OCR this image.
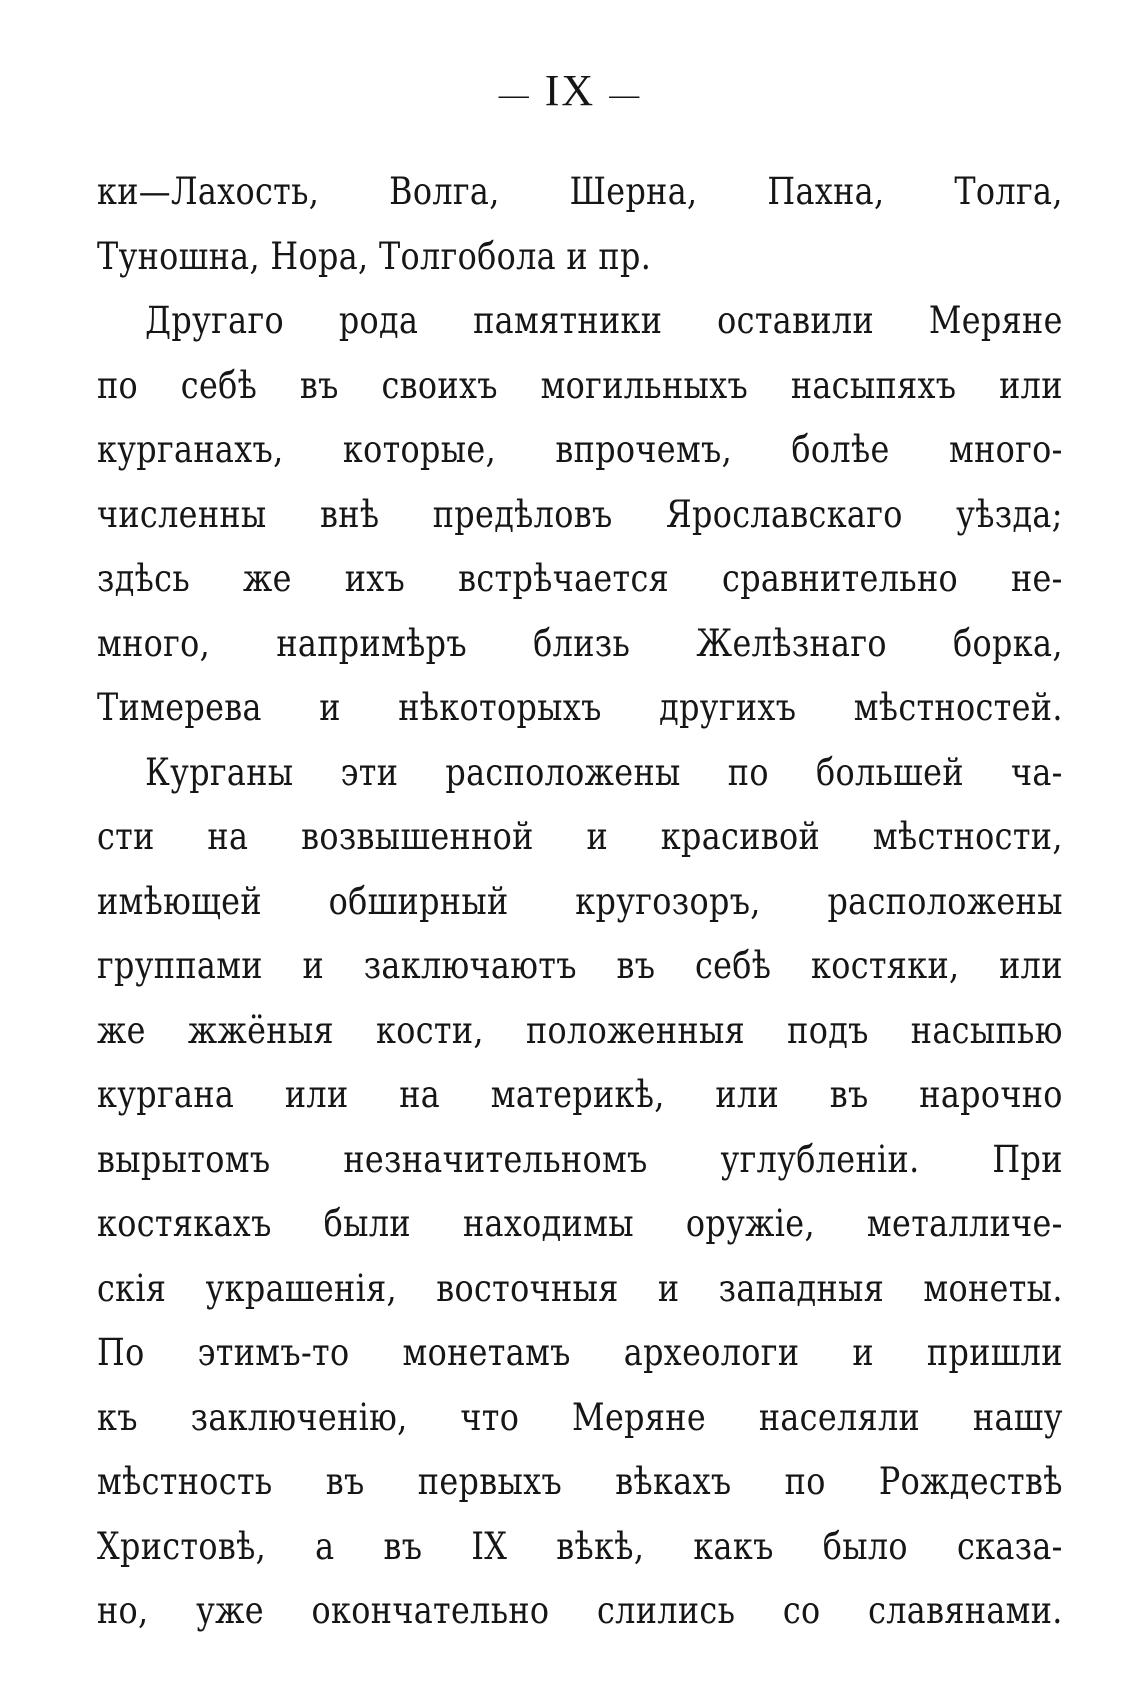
— IX —
ки—Лахость, Волга, Шерна, Пахна, Толга,
Туношна, Нора, Толгобола и пр.
Другаго рода памятники оставили Меряне
по себѣ въ своихъ могильныхъ насыпяхъ или
курганахъ, которые, впрочемъ, болѣе много-
численны внѣ предѣловъ Ярославскаго уѣзда;
здѣсь же ихъ встрѣчается сравнительно не-
много, напримѣръ близь Желѣзнаго борка,
Тимерева и нѣкоторыхъ другихъ мѣстностей.
Курганы эти расположены по большей ча-
сти на возвышенной и красивой мѣстности,
имѣющей обширный кругозоръ, расположены
группами и заключаютъ въ себѣ костяки, или
же жжёныя кости, положенныя подъ насыпью
кургана или на материкѣ, или въ нарочно
вырытомъ незначительномъ углубленіи. При
костякахъ были находимы оружіе, металличе-
скія украшенія, восточныя и западныя монеты.
По этимъ-то монетамъ археологи и пришли
къ заключенію, что Меряне населяли нашу
мѣстность въ первыхъ вѣкахъ по Рождествѣ
Христовѣ, а въ IX вѣкѣ, какъ было сказа-
но, уже окончательно слились со славянами.
